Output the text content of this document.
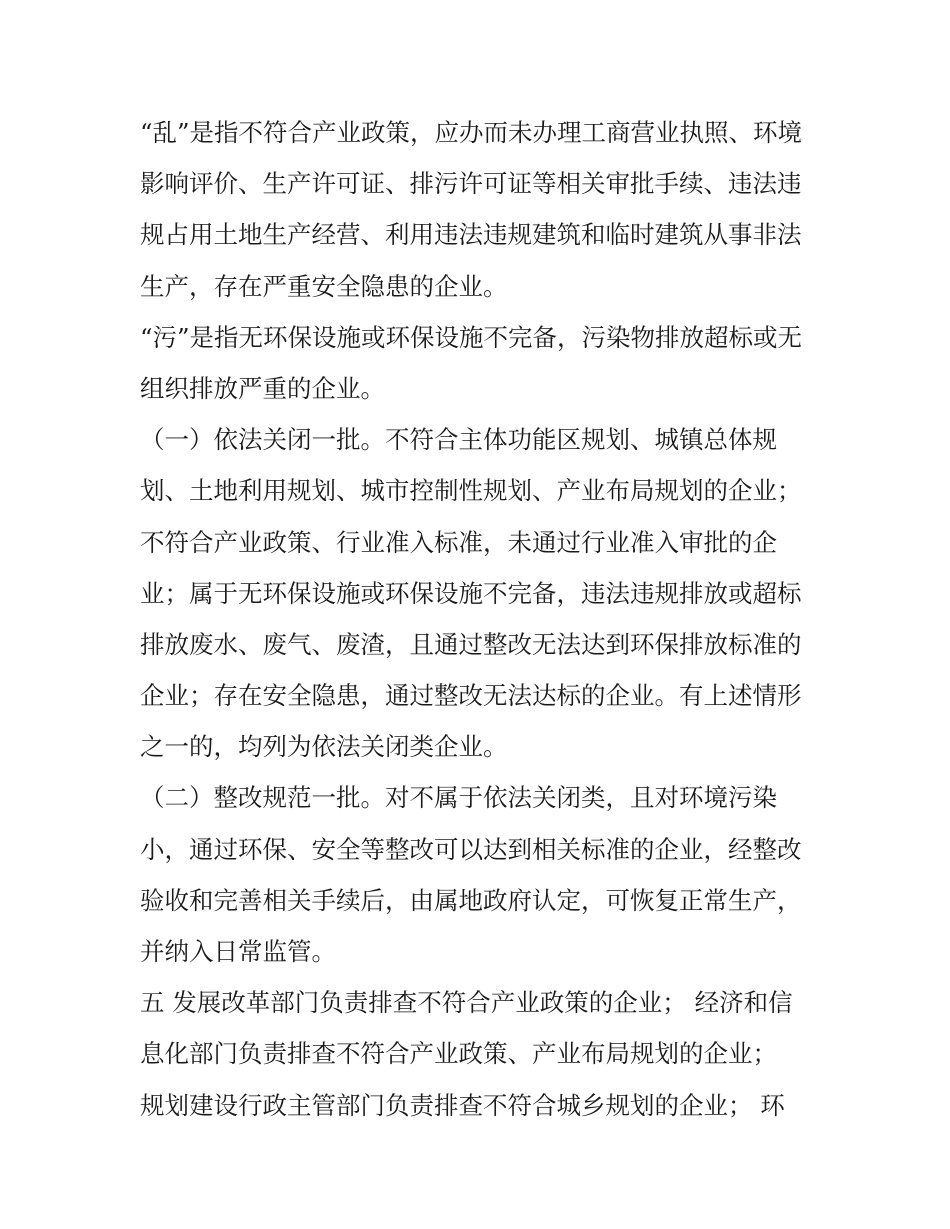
“乱”是指不符合产业政策，应办而未办理工商营业执照、环境
影响评价、生产许可证、排污许可证等相关审批手续、违法违
规占用土地生产经营、利用违法违规建筑和临时建筑从事非法
生产，存在严重安全隐患的企业。
“污”是指无环保设施或环保设施不完备，污染物排放超标或无
组织排放严重的企业。
（一）依法关闭一批。不符合主体功能区规划、城镇总体规
划、土地利用规划、城市控制性规划、产业布局规划的企业；
不符合产业政策、行业准入标准，未通过行业准入审批的企
业；属于无环保设施或环保设施不完备，违法违规排放或超标
排放废水、废气、废渣，且通过整改无法达到环保排放标准的
企业；存在安全隐患，通过整改无法达标的企业。有上述情形
之一的，均列为依法关闭类企业。
（二）整改规范一批。对不属于依法关闭类，且对环境污染
小，通过环保、安全等整改可以达到相关标准的企业，经整改
验收和完善相关手续后，由属地政府认定，可恢复正常生产，
并纳入日常监管。
五 发展改革部门负责排查不符合产业政策的企业； 经济和信
息化部门负责排查不符合产业政策、产业布局规划的企业；
规划建设行政主管部门负责排查不符合城乡规划的企业； 环
